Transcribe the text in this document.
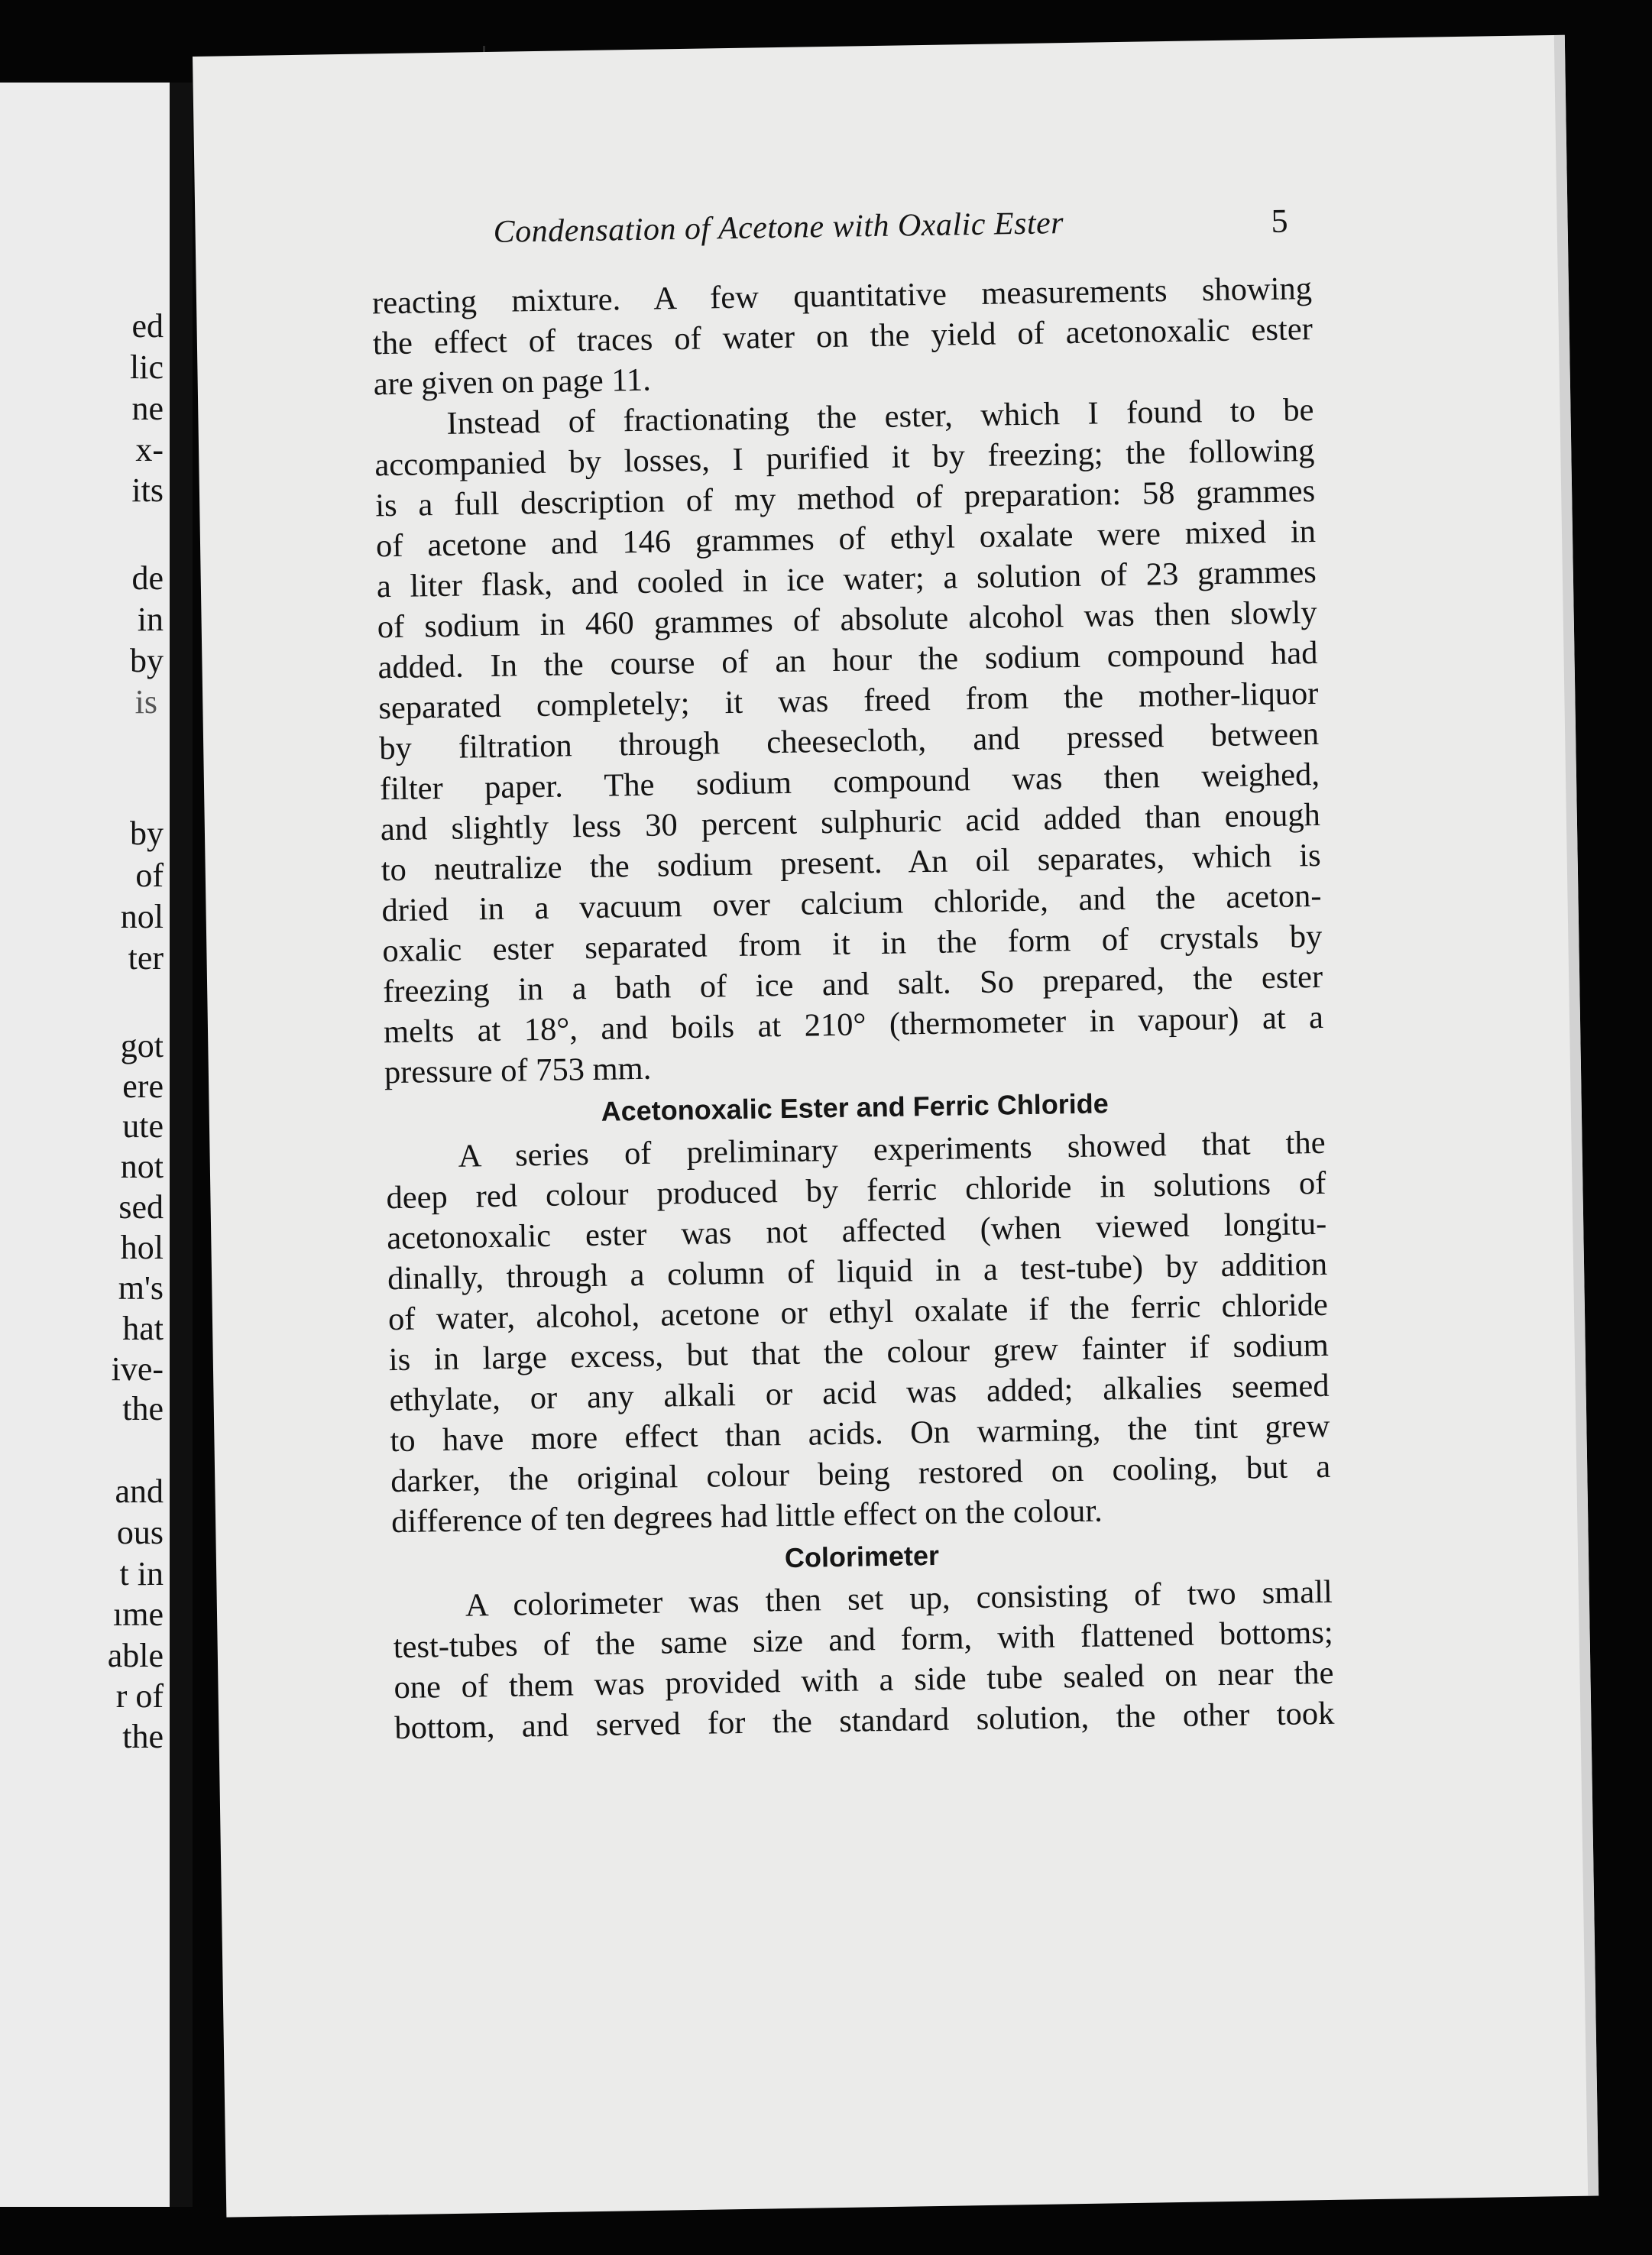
ed
lic
ne
x-
its
de
in
by
is
by
of
nol
ter
got
ere
ute
not
sed
hol
m's
hat
ive-
the
and
ous
t in
ıme
able
r of
the
Condensation of Acetone with Oxalic Ester	5
reacting mixture. A few quantitative measurements showing
the effect of traces of water on the yield of acetonoxalic ester
are given on page 11.
Instead of fractionating the ester, which I found to be
accompanied by losses, I purified it by freezing; the following
is a full description of my method of preparation: 58 grammes
of acetone and 146 grammes of ethyl oxalate were mixed in
a liter flask, and cooled in ice water; a solution of 23 grammes
of sodium in 460 grammes of absolute alcohol was then slowly
added. In the course of an hour the sodium compound had
separated completely; it was freed from the mother-liquor
by filtration through cheesecloth, and pressed between
filter paper. The sodium compound was then weighed,
and slightly less 30 percent sulphuric acid added than enough
to neutralize the sodium present. An oil separates, which is
dried in a vacuum over calcium chloride, and the aceton-
oxalic ester separated from it in the form of crystals by
freezing in a bath of ice and salt. So prepared, the ester
melts at 18°, and boils at 210° (thermometer in vapour) at a
pressure of 753 mm.
Acetonoxalic Ester and Ferric Chloride
A series of preliminary experiments showed that the
deep red colour produced by ferric chloride in solutions of
acetonoxalic ester was not affected (when viewed longitu-
dinally, through a column of liquid in a test-tube) by addition
of water, alcohol, acetone or ethyl oxalate if the ferric chloride
is in large excess, but that the colour grew fainter if sodium
ethylate, or any alkali or acid was added; alkalies seemed
to have more effect than acids. On warming, the tint grew
darker, the original colour being restored on cooling, but a
difference of ten degrees had little effect on the colour.
Colorimeter
A colorimeter was then set up, consisting of two small
test-tubes of the same size and form, with flattened bottoms;
one of them was provided with a side tube sealed on near the
bottom, and served for the standard solution, the other took
